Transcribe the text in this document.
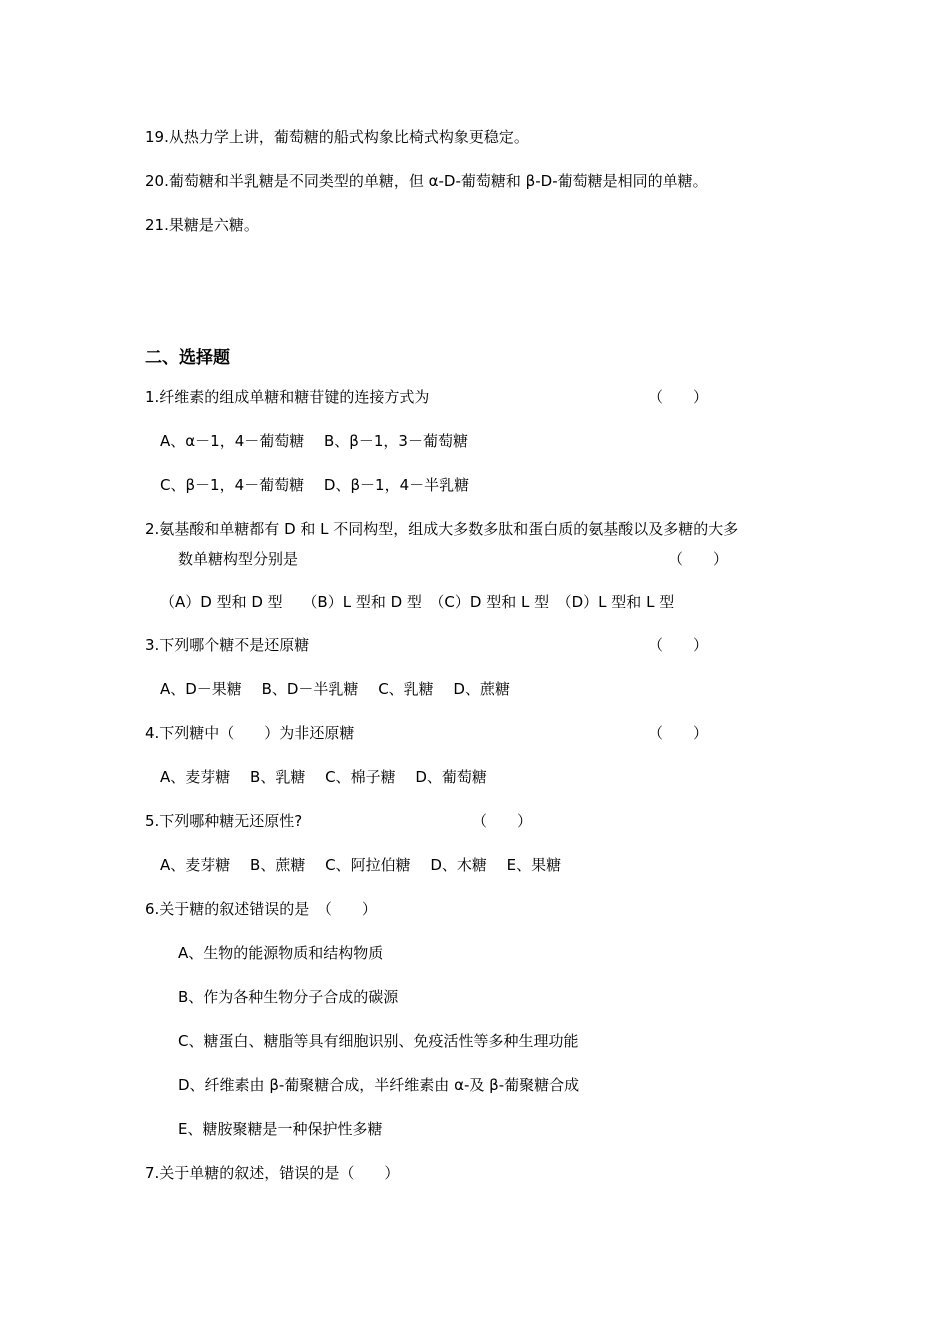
19.从热力学上讲，葡萄糖的船式构象比椅式构象更稳定。
20.葡萄糖和半乳糖是不同类型的单糖，但 α-D-葡萄糖和 β-D-葡萄糖是相同的单糖。
21.果糖是六糖。
二、选择题
1.纤维素的组成单糖和糖苷键的连接方式为	（　　）
A、α－1，4－葡萄糖　 B、β－1，3－葡萄糖
C、β－1，4－葡萄糖　 D、β－1，4－半乳糖
2.氨基酸和单糖都有 D 和 L 不同构型，组成大多数多肽和蛋白质的氨基酸以及多糖的大多
数单糖构型分别是	（　　）
（A）D 型和 D 型　 （B）L 型和 D 型　（C）D 型和 L 型　（D）L 型和 L 型
3.下列哪个糖不是还原糖	（　　）
A、D－果糖　 B、D－半乳糖　 C、乳糖　 D、蔗糖
4.下列糖中（　　）为非还原糖	（　　）
A、麦芽糖　 B、乳糖　 C、棉子糖　 D、葡萄糖
5.下列哪种糖无还原性?	（　　）
A、麦芽糖　 B、蔗糖　 C、阿拉伯糖　 D、木糖　 E、果糖
6.关于糖的叙述错误的是　（　　）
A、生物的能源物质和结构物质
B、作为各种生物分子合成的碳源
C、糖蛋白、糖脂等具有细胞识别、免疫活性等多种生理功能
D、纤维素由 β-葡聚糖合成，半纤维素由 α-及 β-葡聚糖合成
E、糖胺聚糖是一种保护性多糖
7.关于单糖的叙述，错误的是（　　）
